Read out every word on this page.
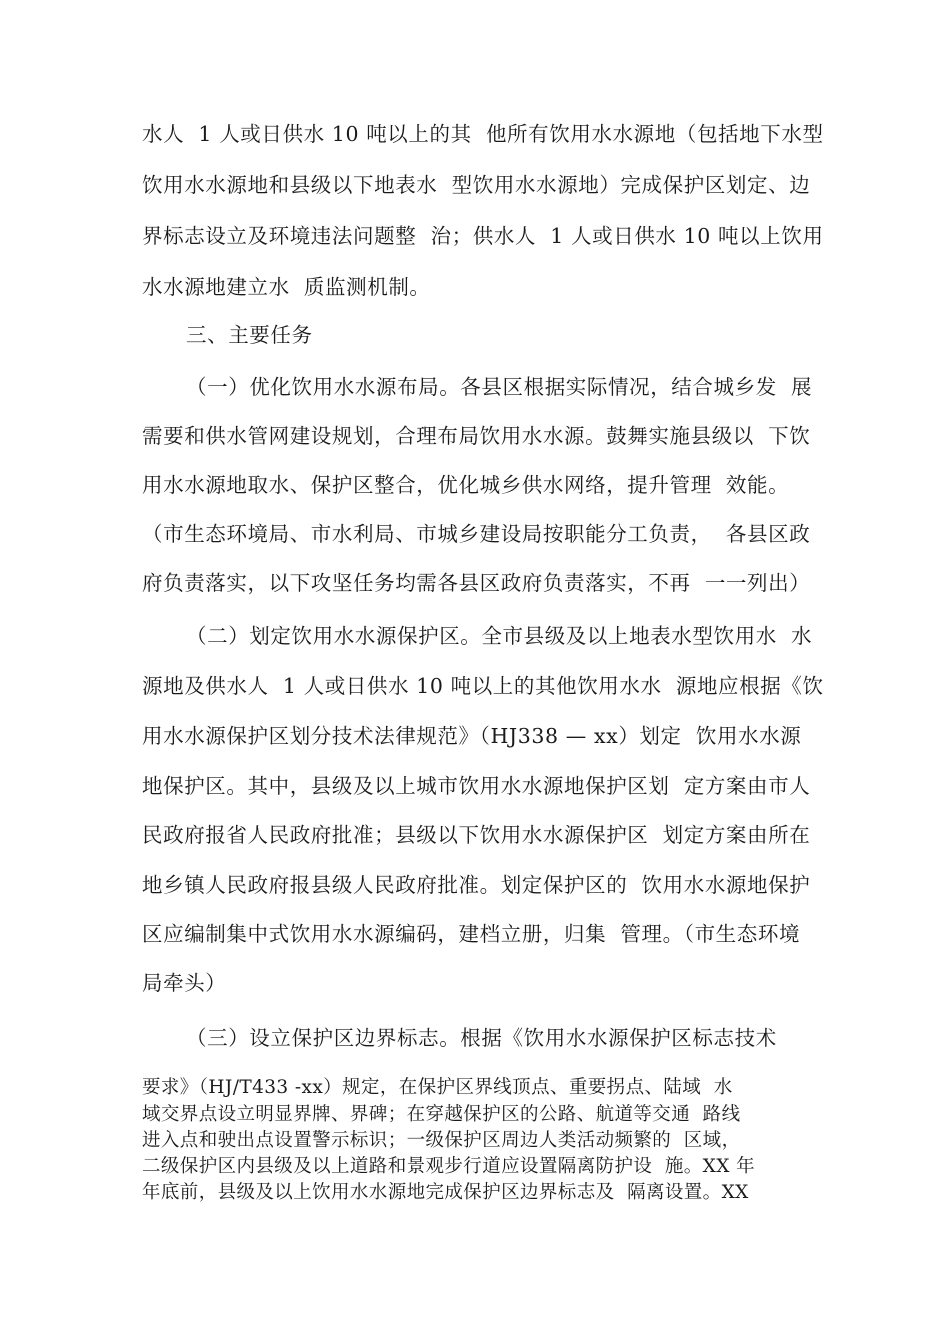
水人  1 人或日供水 10 吨以上的其  他所有饮用水水源地（包括地下水型
饮用水水源地和县级以下地表水  型饮用水水源地）完成保护区划定、边
界标志设立及环境违法问题整  治；供水人  1 人或日供水 10 吨以上饮用
水水源地建立水  质监测机制。
三、主要任务
（一）优化饮用水水源布局。各县区根据实际情况，结合城乡发  展
需要和供水管网建设规划，合理布局饮用水水源。鼓舞实施县级以  下饮
用水水源地取水、保护区整合，优化城乡供水网络，提升管理  效能。
（市生态环境局、市水利局、市城乡建设局按职能分工负责，  各县区政
府负责落实，以下攻坚任务均需各县区政府负责落实，不再  一一列出）
（二）划定饮用水水源保护区。全市县级及以上地表水型饮用水  水
源地及供水人  1 人或日供水 10 吨以上的其他饮用水水  源地应根据《饮
用水水源保护区划分技术法律规范》（HJ338 — xx）划定  饮用水水源
地保护区。其中，县级及以上城市饮用水水源地保护区划  定方案由市人
民政府报省人民政府批准；县级以下饮用水水源保护区  划定方案由所在
地乡镇人民政府报县级人民政府批准。划定保护区的  饮用水水源地保护
区应编制集中式饮用水水源编码，建档立册，归集  管理。（市生态环境
局牵头）
（三）设立保护区边界标志。根据《饮用水水源保护区标志技术
要求》（HJ/T433 -xx）规定，在保护区界线顶点、重要拐点、陆域  水
域交界点设立明显界牌、界碑；在穿越保护区的公路、航道等交通  路线
进入点和驶出点设置警示标识；一级保护区周边人类活动频繁的  区域，
二级保护区内县级及以上道路和景观步行道应设置隔离防护设  施。XX 年
年底前，县级及以上饮用水水源地完成保护区边界标志及  隔离设置。XX
